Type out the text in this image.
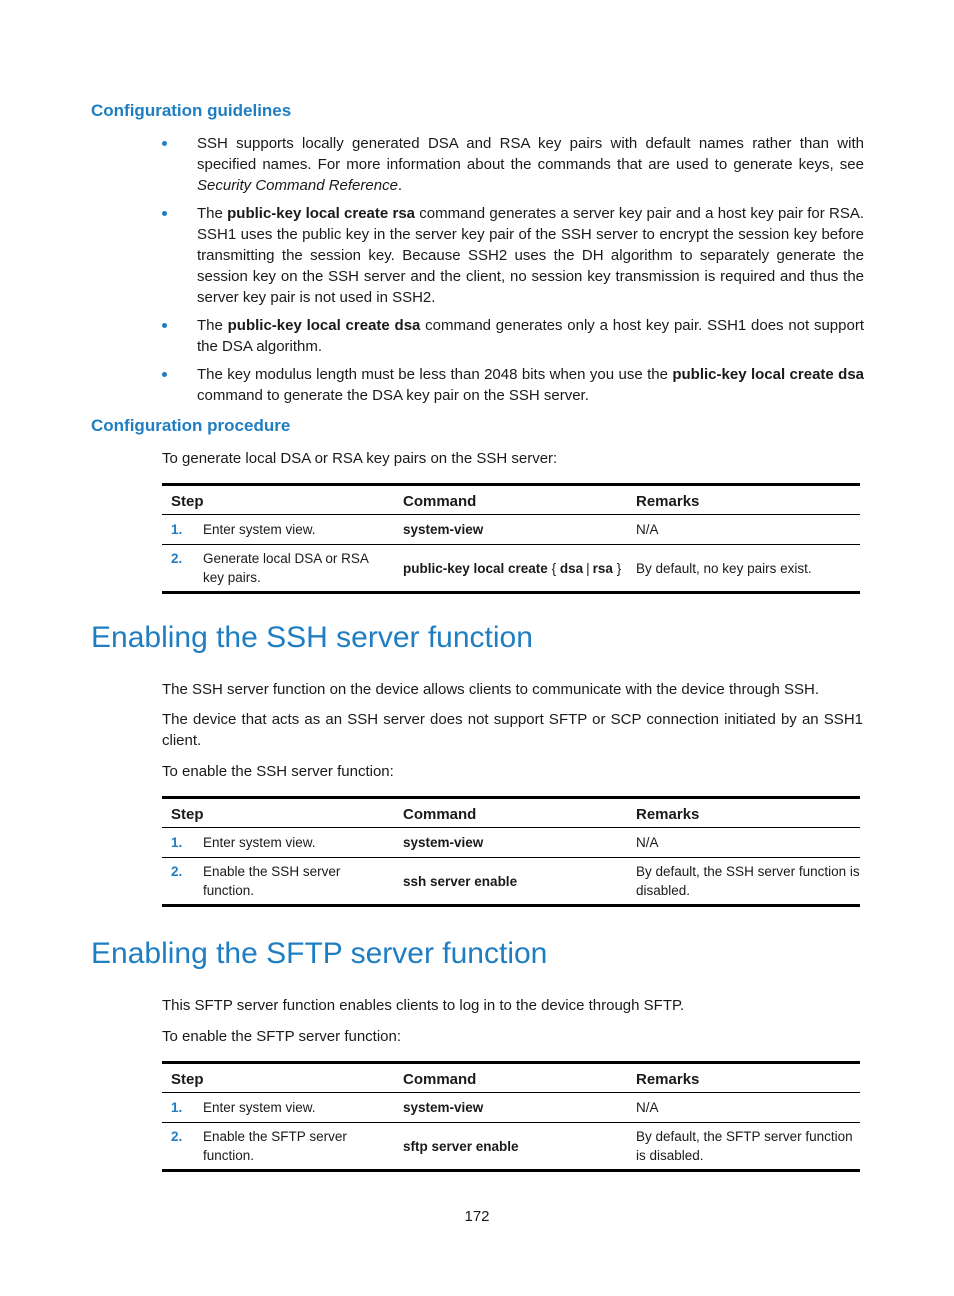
Configuration guidelines
SSH supports locally generated DSA and RSA key pairs with default names rather than with specified names. For more information about the commands that are used to generate keys, see Security Command Reference.
The public-key local create rsa command generates a server key pair and a host key pair for RSA. SSH1 uses the public key in the server key pair of the SSH server to encrypt the session key before transmitting the session key. Because SSH2 uses the DH algorithm to separately generate the session key on the SSH server and the client, no session key transmission is required and thus the server key pair is not used in SSH2.
The public-key local create dsa command generates only a host key pair. SSH1 does not support the DSA algorithm.
The key modulus length must be less than 2048 bits when you use the public-key local create dsa command to generate the DSA key pair on the SSH server.
Configuration procedure

To generate local DSA or RSA key pairs on the SSH server:

Step	Command	Remarks
1. Enter system view.	system-view	N/A
2. Generate local DSA or RSA key pairs.	public-key local create { dsa | rsa }	By default, no key pairs exist.
Enabling the SSH server function

The SSH server function on the device allows clients to communicate with the device through SSH.

The device that acts as an SSH server does not support SFTP or SCP connection initiated by an SSH1 client.

To enable the SSH server function:

Step	Command	Remarks
1. Enter system view.	system-view	N/A
2. Enable the SSH server function.	ssh server enable	By default, the SSH server function is disabled.
Enabling the SFTP server function

This SFTP server function enables clients to log in to the device through SFTP.

To enable the SFTP server function:

Step	Command	Remarks
1. Enter system view.	system-view	N/A
2. Enable the SFTP server function.	sftp server enable	By default, the SFTP server function is disabled.
172
